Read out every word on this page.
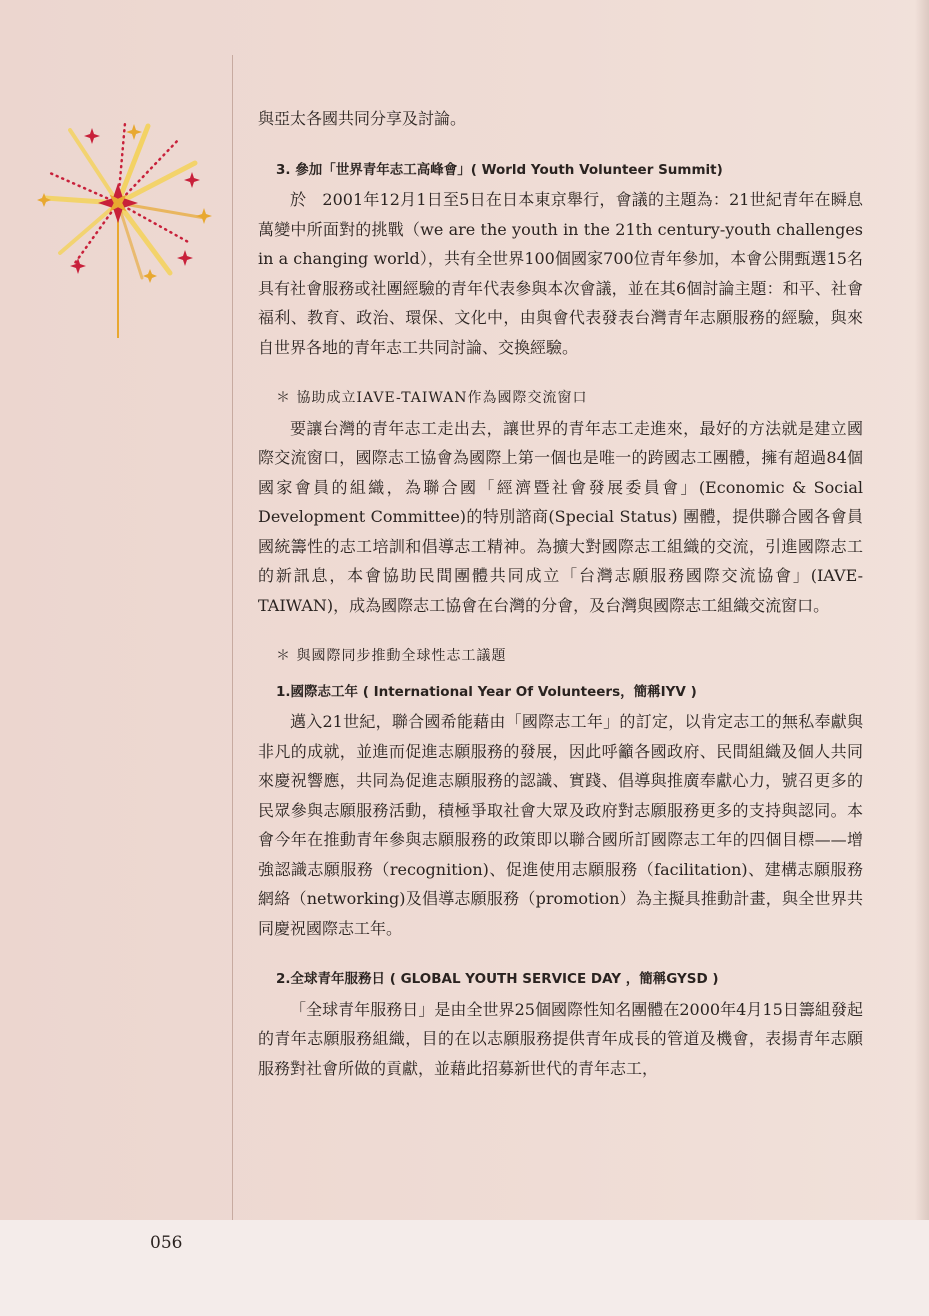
與亞太各國共同分享及討論。

3. 參加「世界青年志工高峰會」( World Youth Volunteer Summit)

於　2001年12月1日至5日在日本東京舉行，會議的主題為：21世紀青年在瞬息萬變中所面對的挑戰（we are the youth in the 21th century-youth challenges in a changing world），共有全世界100個國家700位青年參加，本會公開甄選15名具有社會服務或社團經驗的青年代表參與本次會議，並在其6個討論主題：和平、社會福利、教育、政治、環保、文化中，由與會代表發表台灣青年志願服務的經驗，與來自世界各地的青年志工共同討論、交換經驗。

＊ 協助成立IAVE-TAIWAN作為國際交流窗口

要讓台灣的青年志工走出去，讓世界的青年志工走進來，最好的方法就是建立國際交流窗口，國際志工協會為國際上第一個也是唯一的跨國志工團體，擁有超過84個國家會員的組織，為聯合國「經濟暨社會發展委員會」(Economic & Social Development Committee)的特別諮商(Special Status) 團體，提供聯合國各會員國統籌性的志工培訓和倡導志工精神。為擴大對國際志工組織的交流，引進國際志工的新訊息，本會協助民間團體共同成立「台灣志願服務國際交流協會」(IAVE-TAIWAN)，成為國際志工協會在台灣的分會，及台灣與國際志工組織交流窗口。

＊ 與國際同步推動全球性志工議題

1.國際志工年 ( International Year Of Volunteers，簡稱IYV )

邁入21世紀，聯合國希能藉由「國際志工年」的訂定，以肯定志工的無私奉獻與非凡的成就，並進而促進志願服務的發展，因此呼籲各國政府、民間組織及個人共同來慶祝響應，共同為促進志願服務的認識、實踐、倡導與推廣奉獻心力，號召更多的民眾參與志願服務活動，積極爭取社會大眾及政府對志願服務更多的支持與認同。本會今年在推動青年參與志願服務的政策即以聯合國所訂國際志工年的四個目標——增強認識志願服務（recognition)、促進使用志願服務（facilitation)、建構志願服務網絡（networking)及倡導志願服務（promotion）為主擬具推動計畫，與全世界共同慶祝國際志工年。

2.全球青年服務日 ( GLOBAL YOUTH SERVICE DAY ，簡稱GYSD )

「全球青年服務日」是由全世界25個國際性知名團體在2000年4月15日籌組發起的青年志願服務組織，目的在以志願服務提供青年成長的管道及機會，表揚青年志願服務對社會所做的貢獻，並藉此招募新世代的青年志工，

056
